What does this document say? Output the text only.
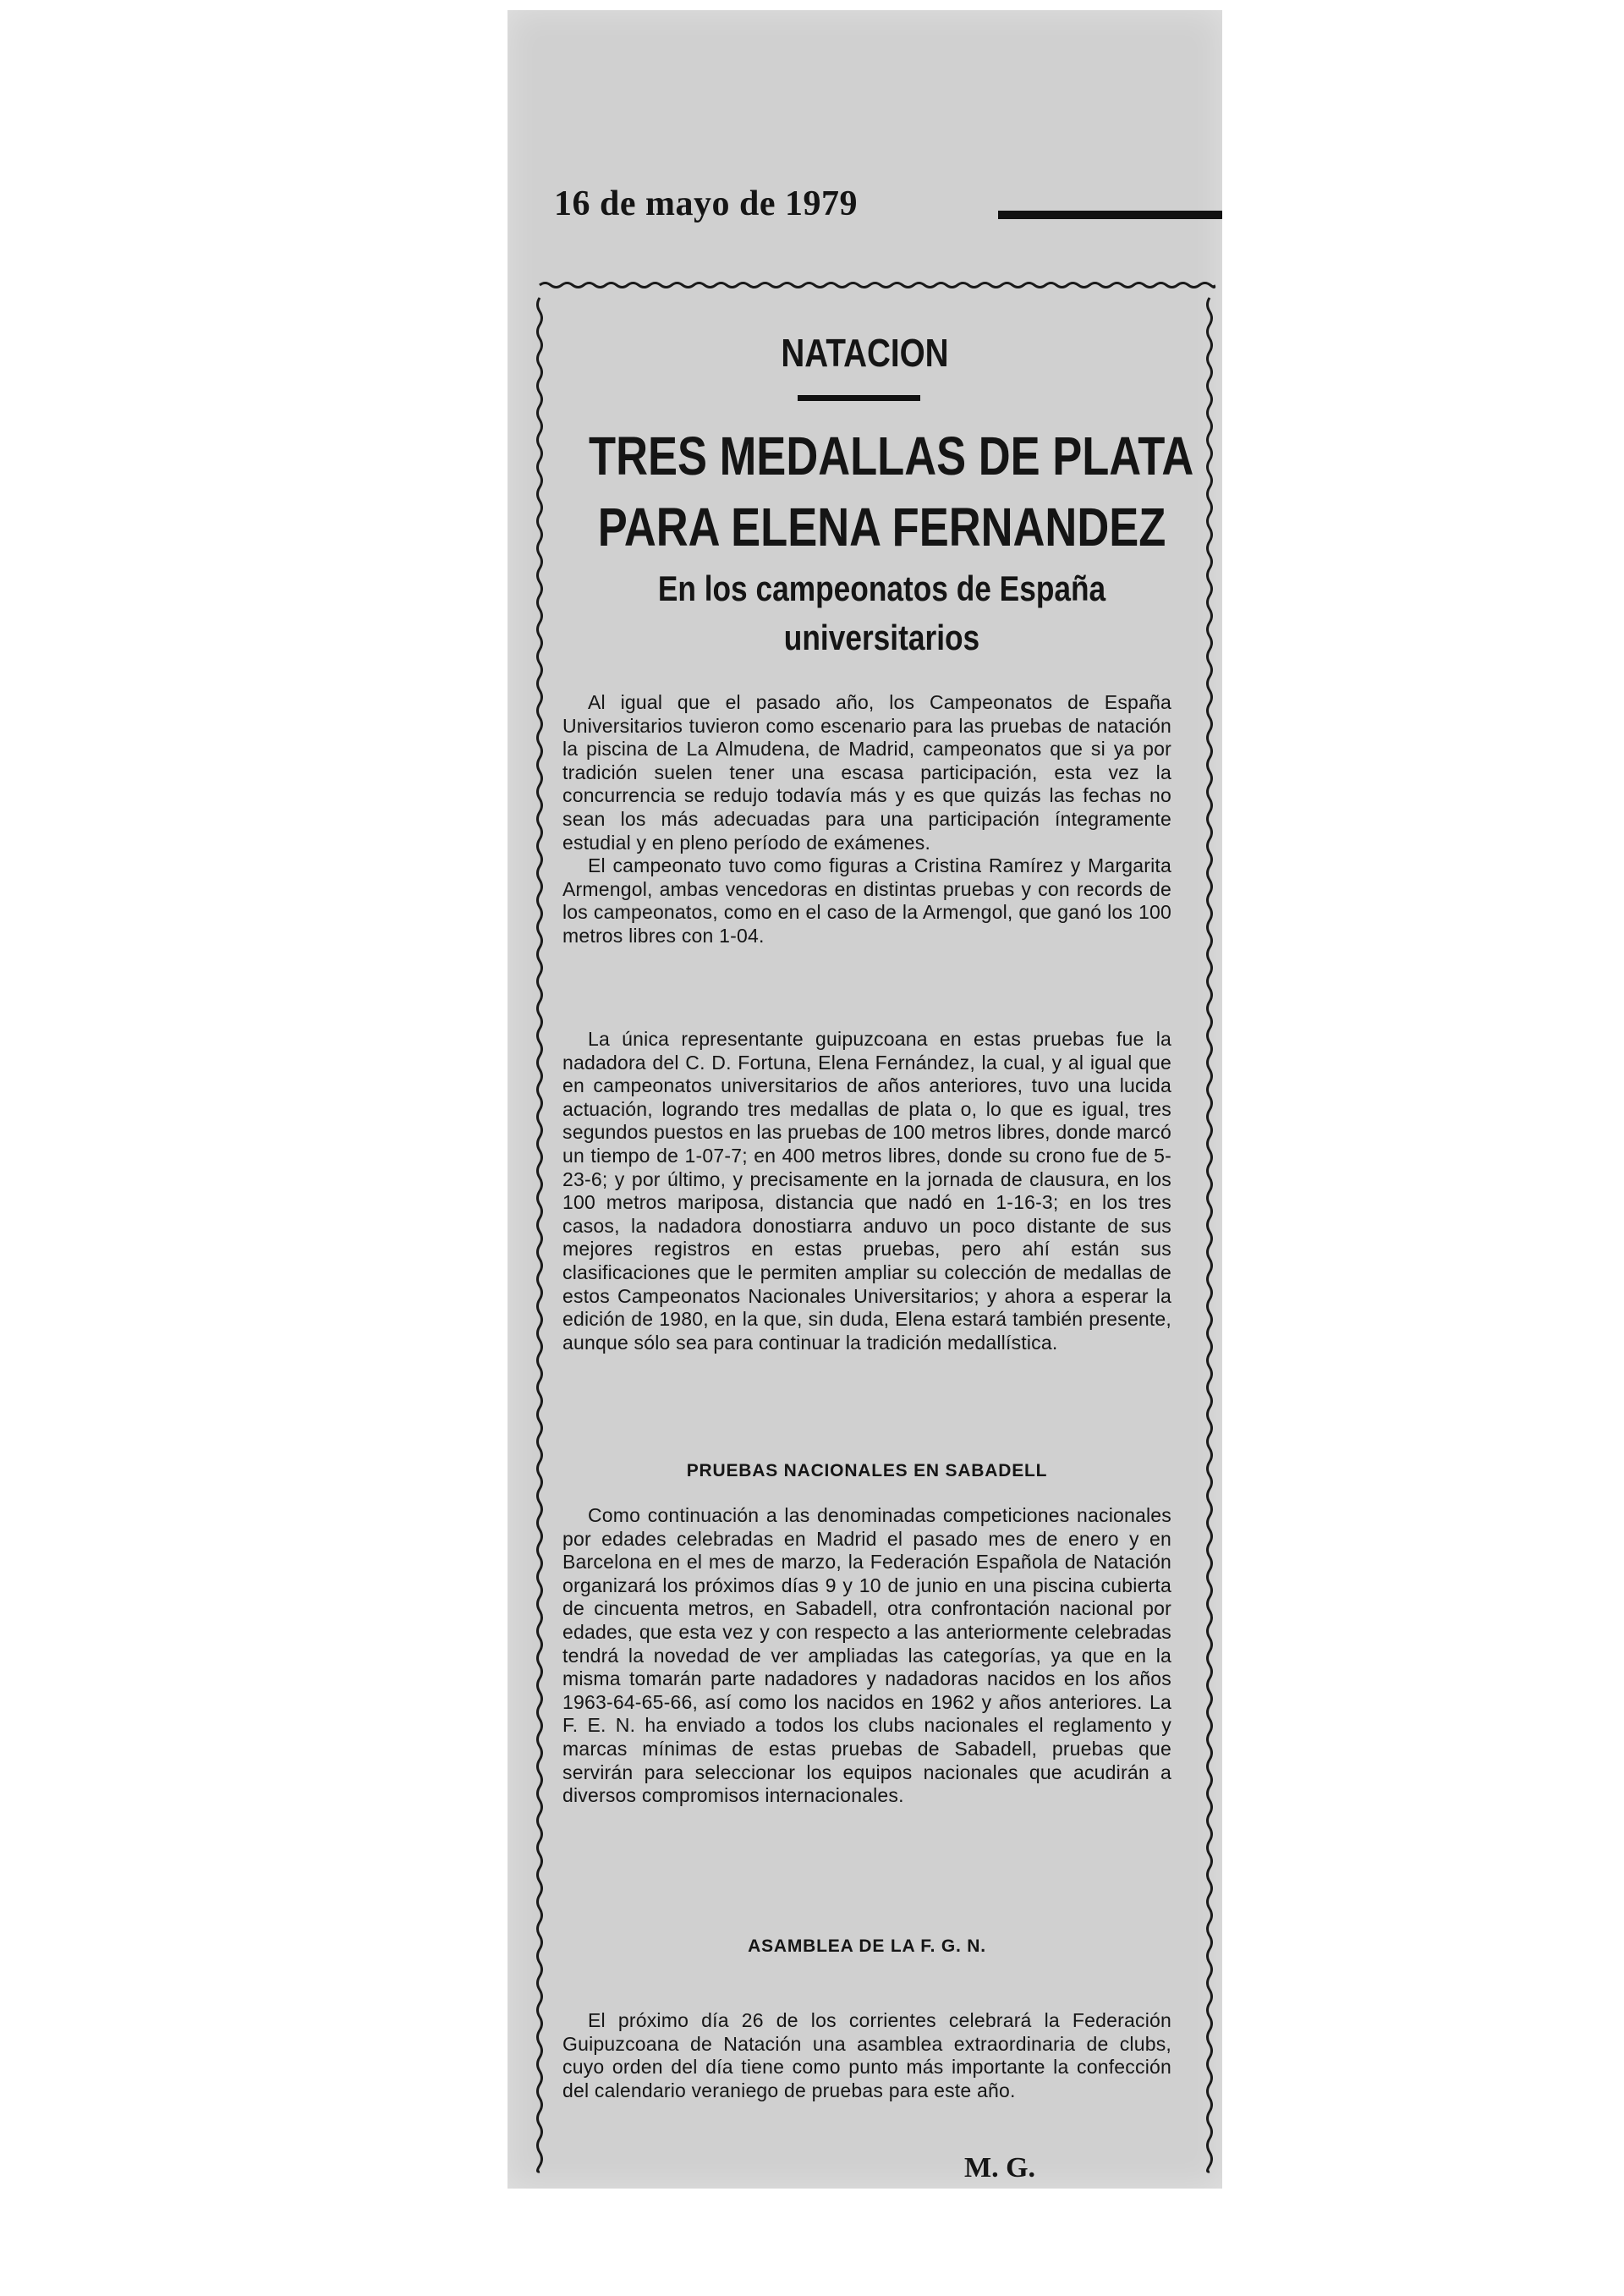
16 de mayo de 1979
NATACION
TRES MEDALLAS DE PLATA
PARA ELENA FERNANDEZ
En los campeonatos de España
universitarios

Al igual que el pasado año, los Campeonatos de España Universitarios tuvieron como escenario para las pruebas de natación la piscina de La Almudena, de Madrid, campeonatos que si ya por tradición suelen tener una escasa participación, esta vez la concurrencia se redujo todavía más y es que quizás las fechas no sean los más adecuadas para una participación íntegramente estudial y en pleno período de exámenes.

El campeonato tuvo como figuras a Cristina Ramírez y Margarita Armengol, ambas vencedoras en distintas pruebas y con records de los campeonatos, como en el caso de la Armengol, que ganó los 100 metros libres con 1-04.

La única representante guipuzcoana en estas pruebas fue la nadadora del C. D. Fortuna, Elena Fernández, la cual, y al igual que en campeonatos universitarios de años anteriores, tuvo una lucida actuación, logrando tres medallas de plata o, lo que es igual, tres segundos puestos en las pruebas de 100 metros libres, donde marcó un tiempo de 1-07-7; en 400 metros libres, donde su crono fue de 5-23-6; y por último, y precisamente en la jornada de clausura, en los 100 metros mariposa, distancia que nadó en 1-16-3; en los tres casos, la nadadora donostiarra anduvo un poco distante de sus mejores registros en estas pruebas, pero ahí están sus clasificaciones que le permiten ampliar su colección de medallas de estos Campeonatos Nacionales Universitarios; y ahora a esperar la edición de 1980, en la que, sin duda, Elena estará también presente, aunque sólo sea para continuar la tradición medallística.

PRUEBAS NACIONALES EN SABADELL

Como continuación a las denominadas competiciones nacionales por edades celebradas en Madrid el pasado mes de enero y en Barcelona en el mes de marzo, la Federación Española de Natación organizará los próximos días 9 y 10 de junio en una piscina cubierta de cincuenta metros, en Sabadell, otra confrontación nacional por edades, que esta vez y con respecto a las anteriormente celebradas tendrá la novedad de ver ampliadas las categorías, ya que en la misma tomarán parte nadadores y nadadoras nacidos en los años 1963-64-65-66, así como los nacidos en 1962 y años anteriores. La F. E. N. ha enviado a todos los clubs nacionales el reglamento y marcas mínimas de estas pruebas de Sabadell, pruebas que servirán para seleccionar los equipos nacionales que acudirán a diversos compromisos internacionales.

ASAMBLEA DE LA F. G. N.

El próximo día 26 de los corrientes celebrará la Federación Guipuzcoana de Natación una asamblea extraordinaria de clubs, cuyo orden del día tiene como punto más importante la confección del calendario veraniego de pruebas para este año.

M. G.
